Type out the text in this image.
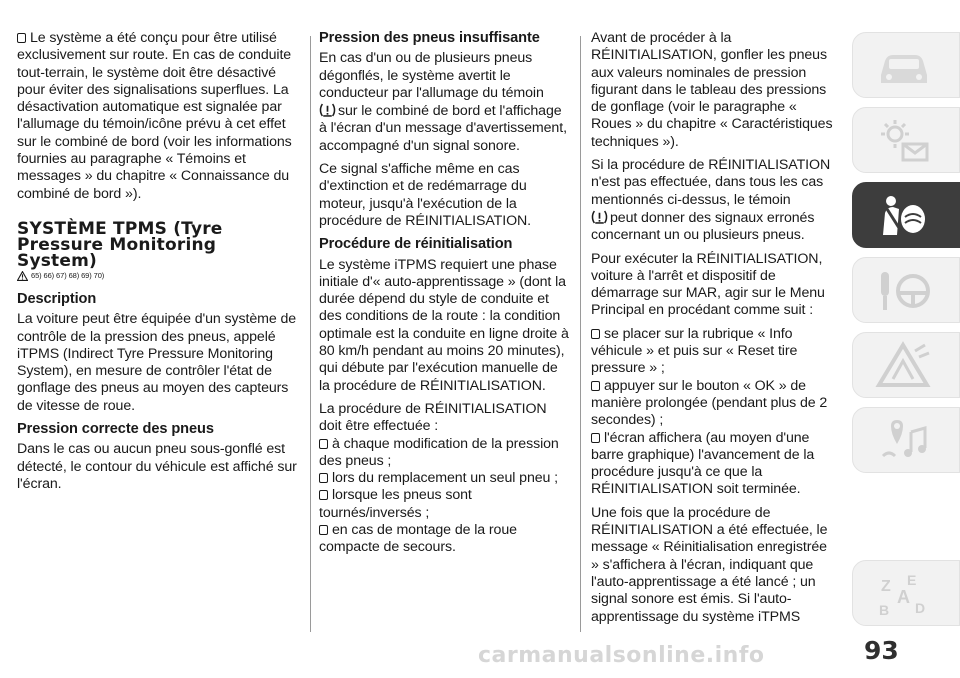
Le système a été conçu pour être utilisé exclusivement sur route. En cas de conduite tout-terrain, le système doit être désactivé pour éviter des signalisations superflues. La désactivation automatique est signalée par l'allumage du témoin/icône prévu à cet effet sur le combiné de bord (voir les informations fournies au paragraphe « Témoins et messages » du chapitre « Connaissance du combiné de bord »).

SYSTÈME TPMS (Tyre Pressure Monitoring System)
65) 66) 67) 68) 69) 70)
Description

La voiture peut être équipée d'un système de contrôle de la pression des pneus, appelé iTPMS (Indirect Tyre Pressure Monitoring System), en mesure de contrôler l'état de gonflage des pneus au moyen des capteurs de vitesse de roue.

Pression correcte des pneus

Dans le cas ou aucun pneu sous-gonflé est détecté, le contour du véhicule est affiché sur l'écran.

Pression des pneus insuffisante

En cas d'un ou de plusieurs pneus dégonflés, le système avertit le conducteur par l'allumage du témoin

sur le combiné de bord et l'affichage à l'écran d'un message d'avertissement, accompagné d'un signal sonore.

Ce signal s'affiche même en cas d'extinction et de redémarrage du moteur, jusqu'à l'exécution de la procédure de RÉINITIALISATION.

Procédure de réinitialisation

Le système iTPMS requiert une phase initiale d'« auto-apprentissage » (dont la durée dépend du style de conduite et des conditions de la route : la condition optimale est la conduite en ligne droite à 80 km/h pendant au moins 20 minutes), qui débute par l'exécution manuelle de la procédure de RÉINITIALISATION.

La procédure de RÉINITIALISATION doit être effectuée :
à chaque modification de la pression des pneus ;
lors du remplacement un seul pneu ;
lorsque les pneus sont tournés/inversés ;
en cas de montage de la roue compacte de secours.

Avant de procéder à la RÉINITIALISATION, gonfler les pneus aux valeurs nominales de pression figurant dans le tableau des pressions de gonflage (voir le paragraphe « Roues » du chapitre « Caractéristiques techniques »).

Si la procédure de RÉINITIALISATION n'est pas effectuée, dans tous les cas mentionnés ci-dessus, le témoin

peut donner des signaux erronés concernant un ou plusieurs pneus.

Pour exécuter la RÉINITIALISATION, voiture à l'arrêt et dispositif de démarrage sur MAR, agir sur le Menu Principal en procédant comme suit :

se placer sur la rubrique « Info véhicule » et puis sur « Reset tire pressure » ;
appuyer sur le bouton « OK » de manière prolongée (pendant plus de 2 secondes) ;
l'écran affichera (au moyen d'une barre graphique) l'avancement de la procédure jusqu'à ce que la RÉINITIALISATION soit terminée.

Une fois que la procédure de RÉINITIALISATION a été effectuée, le message « Réinitialisation enregistrée » s'affichera à l'écran, indiquant que l'auto-apprentissage a été lancé ; un signal sonore est émis. Si l'auto-apprentissage du système iTPMS

Z E
A
B D
carmanualsonline.info	93
